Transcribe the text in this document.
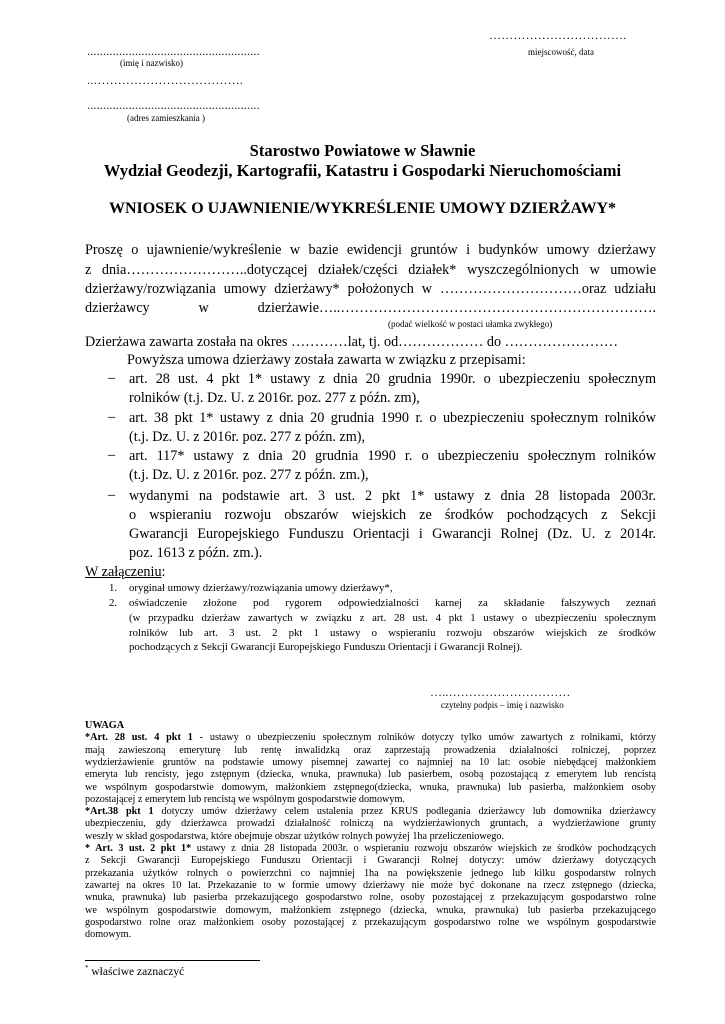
…………………………….
miejscowość, data
......................................................
(imię i nazwisko)
..……………………………….
......................................................
(adres zamieszkania )
Starostwo Powiatowe w Sławnie
Wydział Geodezji, Kartografii, Katastru i Gospodarki Nieruchomościami
WNIOSEK O UJAWNIENIE/WYKREŚLENIE UMOWY DZIERŻAWY*
Proszę o ujawnienie/wykreślenie w bazie ewidencji gruntów i budynków umowy dzierżawy
z dnia……………………..dotyczącej działek/części działek* wyszczególnionych w umowie
dzierżawy/rozwiązania umowy dzierżawy* położonych w …………………………oraz udziału
dzierżawcy w dzierżawie…..………………………………………………………….
(podać wielkość w postaci ułamka zwykłego)
Dzierżawa zawarta została na okres …………lat, tj. od……………… do ……………………
Powyższa umowa dzierżawy została zawarta w związku z przepisami:
– art. 28 ust. 4 pkt 1* ustawy z dnia 20 grudnia 1990r. o ubezpieczeniu społecznym
rolników (t.j. Dz. U. z 2016r. poz. 277 z późn. zm),
– art. 38 pkt 1* ustawy z dnia 20 grudnia 1990 r. o ubezpieczeniu społecznym rolników
(t.j. Dz. U. z 2016r. poz. 277 z późn. zm),
– art. 117* ustawy z dnia 20 grudnia 1990 r. o ubezpieczeniu społecznym rolników
(t.j. Dz. U. z 2016r. poz. 277 z późn. zm.),
– wydanymi na podstawie art. 3 ust. 2 pkt 1* ustawy z dnia 28 listopada 2003r.
o wspieraniu rozwoju obszarów wiejskich ze środków pochodzących z Sekcji
Gwarancji Europejskiego Funduszu Orientacji i Gwarancji Rolnej (Dz. U. z 2014r.
poz. 1613 z późn. zm.).
W załączeniu:
1. oryginał umowy dzierżawy/rozwiązania umowy dzierżawy*,
2. oświadczenie złożone pod rygorem odpowiedzialności karnej za składanie fałszywych zeznań
(w przypadku dzierżaw zawartych w związku z art. 28 ust. 4 pkt 1 ustawy o ubezpieczeniu społecznym
rolników lub art. 3 ust. 2 pkt 1 ustawy o wspieraniu rozwoju obszarów wiejskich ze środków
pochodzących z Sekcji Gwarancji Europejskiego Funduszu Orientacji i Gwarancji Rolnej).
…..…………………………
czytelny podpis – imię i nazwisko
UWAGA
*Art. 28 ust. 4 pkt 1 - ustawy o ubezpieczeniu społecznym rolników dotyczy tylko umów zawartych z rolnikami, którzy
mają zawieszoną emeryturę lub rentę inwalidzką oraz zaprzestają prowadzenia działalności rolniczej, poprzez
wydzierżawienie gruntów na podstawie umowy pisemnej zawartej co najmniej na 10 lat: osobie niebędącej małżonkiem
emeryta lub rencisty, jego zstępnym (dziecka, wnuka, prawnuka) lub pasierbem, osobą pozostającą z emerytem lub rencistą
we wspólnym gospodarstwie domowym, małżonkiem zstępnego(dziecka, wnuka, prawnuka) lub pasierba, małżonkiem osoby
pozostającej z emerytem lub rencistą we wspólnym gospodarstwie domowym.
*Art.38 pkt 1 dotyczy umów dzierżawy celem ustalenia przez KRUS podlegania dzierżawcy lub domownika dzierżawcy
ubezpieczeniu, gdy dzierżawca prowadzi działalność rolniczą na wydzierżawionych gruntach, a wydzierżawione grunty
weszły w skład gospodarstwa, które obejmuje obszar użytków rolnych powyżej 1ha przeliczeniowego.
* Art. 3 ust. 2 pkt 1* ustawy z dnia 28 listopada 2003r. o wspieraniu rozwoju obszarów wiejskich ze środków pochodzących
z Sekcji Gwarancji Europejskiego Funduszu Orientacji i Gwarancji Rolnej dotyczy: umów dzierżawy dotyczących
przekazania użytków rolnych o powierzchni co najmniej 1ha na powiększenie jednego lub kilku gospodarstw rolnych
zawartej na okres 10 lat. Przekazanie to w formie umowy dzierżawy nie może być dokonane na rzecz zstępnego (dziecka,
wnuka, prawnuka) lub pasierba przekazującego gospodarstwo rolne, osoby pozostającej z przekazującym gospodarstwo rolne
we wspólnym gospodarstwie domowym, małżonkiem zstępnego (dziecka, wnuka, prawnuka) lub pasierba przekazującego
gospodarstwo rolne oraz małżonkiem osoby pozostającej z przekazującym gospodarstwo rolne we wspólnym gospodarstwie
domowym.
* właściwe zaznaczyć
